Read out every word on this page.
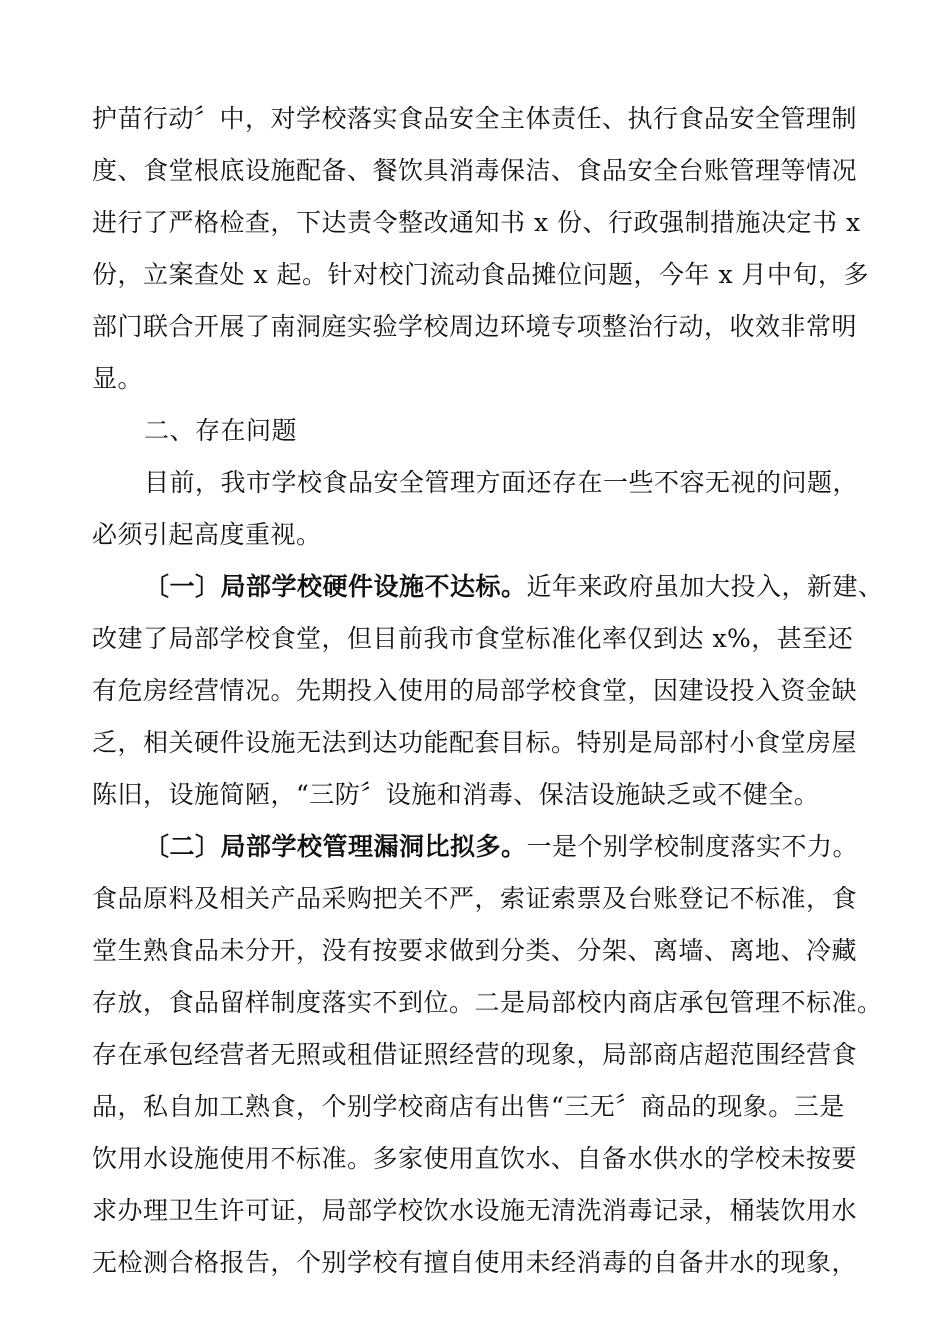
护苗行动〞中，对学校落实食品安全主体责任、执行食品安全管理制
度、食堂根底设施配备、餐饮具消毒保洁、食品安全台账管理等情况
进行了严格检查，下达责令整改通知书 x 份、行政强制措施决定书 x
份，立案查处 x 起。针对校门流动食品摊位问题，今年 x 月中旬，多
部门联合开展了南洞庭实验学校周边环境专项整治行动，收效非常明
显。
二、存在问题
目前，我市学校食品安全管理方面还存在一些不容无视的问题，
必须引起高度重视。
〔一〕局部学校硬件设施不达标。近年来政府虽加大投入，新建、
改建了局部学校食堂，但目前我市食堂标准化率仅到达 x%，甚至还
有危房经营情况。先期投入使用的局部学校食堂，因建设投入资金缺
乏，相关硬件设施无法到达功能配套目标。特别是局部村小食堂房屋
陈旧，设施简陋，“三防〞设施和消毒、保洁设施缺乏或不健全。
〔二〕局部学校管理漏洞比拟多。一是个别学校制度落实不力。
食品原料及相关产品采购把关不严，索证索票及台账登记不标准，食
堂生熟食品未分开，没有按要求做到分类、分架、离墙、离地、冷藏
存放，食品留样制度落实不到位。二是局部校内商店承包管理不标准。
存在承包经营者无照或租借证照经营的现象，局部商店超范围经营食
品，私自加工熟食，个别学校商店有出售“三无〞商品的现象。三是
饮用水设施使用不标准。多家使用直饮水、自备水供水的学校未按要
求办理卫生许可证，局部学校饮水设施无清洗消毒记录，桶装饮用水
无检测合格报告，个别学校有擅自使用未经消毒的自备井水的现象，
